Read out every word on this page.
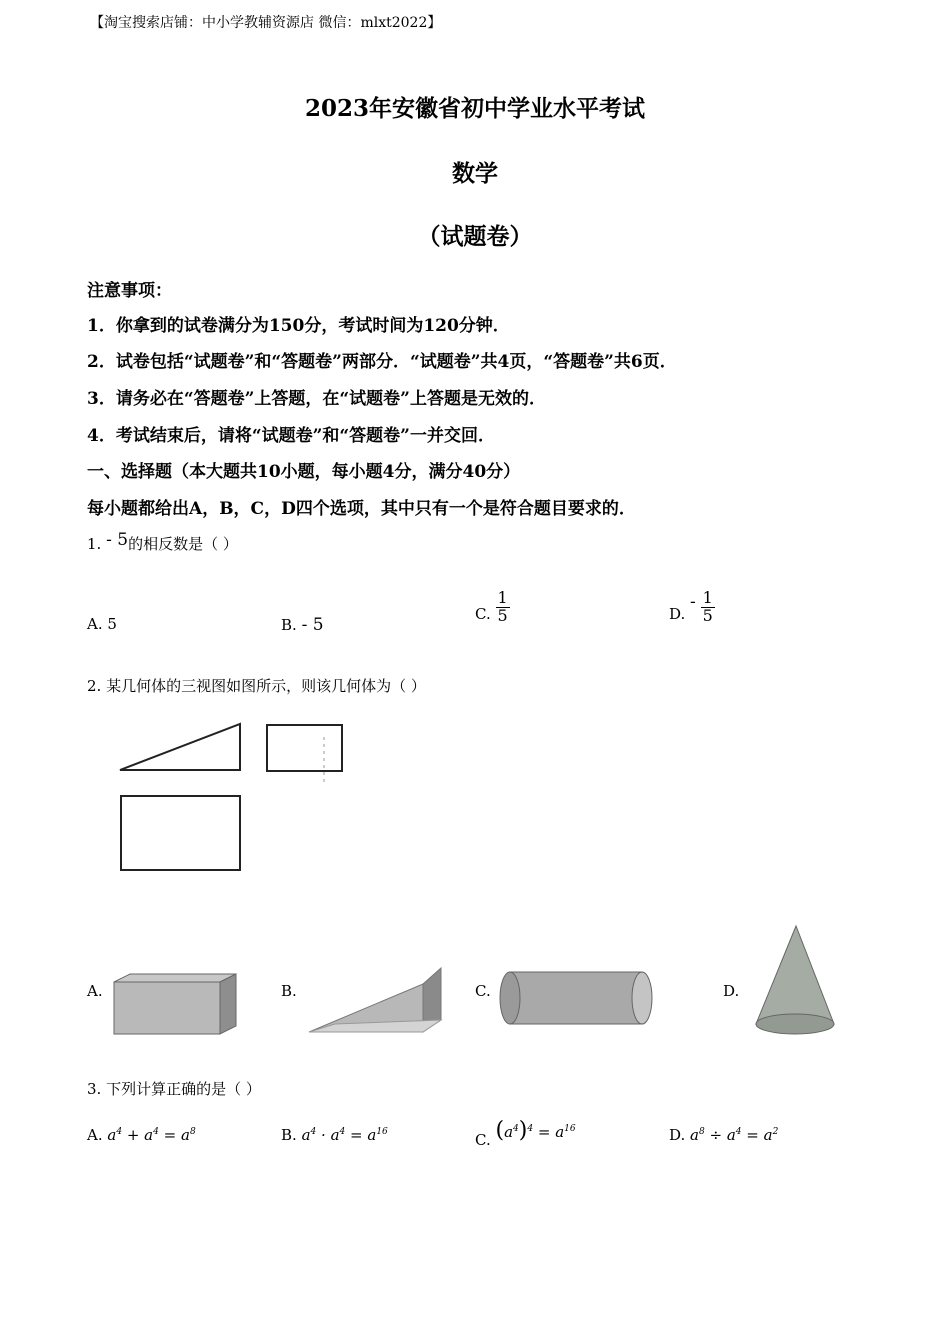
【淘宝搜索店铺：中小学教辅资源店 微信：mlxt2022】
2023年安徽省初中学业水平考试
数学
（试题卷）
注意事项：
1．你拿到的试卷满分为150分，考试时间为120分钟．
2．试卷包括“试题卷”和“答题卷”两部分．“试题卷”共4页，“答题卷”共6页．
3．请务必在“答题卷”上答题，在“试题卷”上答题是无效的．
4．考试结束后，请将“试题卷”和“答题卷”一并交回．
一、选择题（本大题共10小题，每小题4分，满分40分）
每小题都给出A，B，C，D四个选项，其中只有一个是符合题目要求的．
1. - 5的相反数是（ ）
A. 5	B. - 5
C. $\frac{1}{5}$	D. - $\frac{1}{5}$
2. 某几何体的三视图如图所示，则该几何体为（ ）
A.	B.	C.	D.
3. 下列计算正确的是（ ）
A. $a^4 + a^4 = a^8$	B. $a^4 \cdot a^4 = a^{16}$	C. $(a^4)^4 = a^{16}$	D. $a^8 \div a^4 = a^2$
